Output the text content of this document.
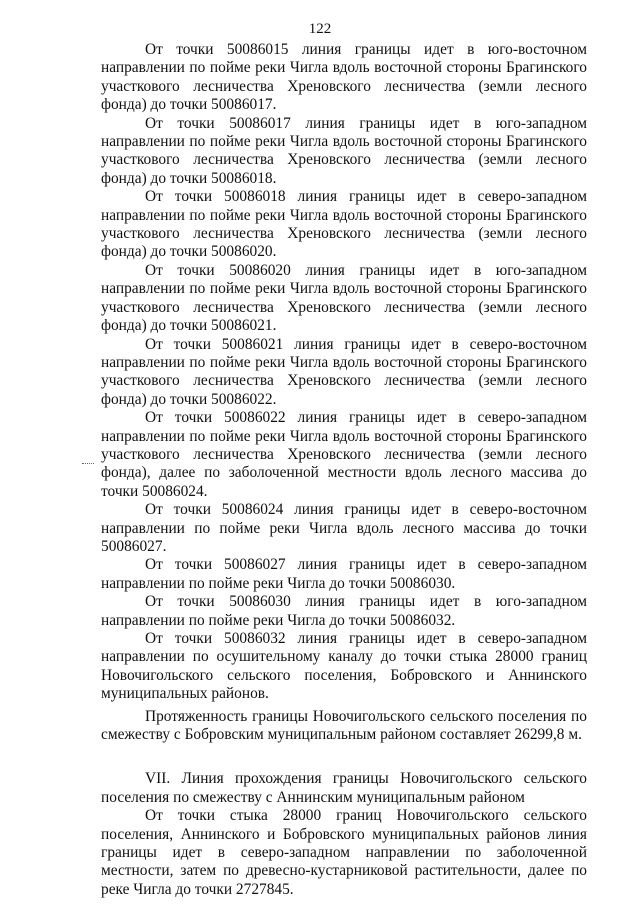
122

От точки 50086015 линия границы идет в юго-восточном направлении по пойме реки Чигла вдоль восточной стороны Брагинского участкового лесничества Хреновского лесничества (земли лесного фонда) до точки 50086017.

От точки 50086017 линия границы идет в юго-западном направлении по пойме реки Чигла вдоль восточной стороны Брагинского участкового лесничества Хреновского лесничества (земли лесного фонда) до точки 50086018.

От точки 50086018 линия границы идет в северо-западном направлении по пойме реки Чигла вдоль восточной стороны Брагинского участкового лесничества Хреновского лесничества (земли лесного фонда) до точки 50086020.

От точки 50086020 линия границы идет в юго-западном направлении по пойме реки Чигла вдоль восточной стороны Брагинского участкового лесничества Хреновского лесничества (земли лесного фонда) до точки 50086021.

От точки 50086021 линия границы идет в северо-восточном направлении по пойме реки Чигла вдоль восточной стороны Брагинского участкового лесничества Хреновского лесничества (земли лесного фонда) до точки 50086022.

От точки 50086022 линия границы идет в северо-западном направлении по пойме реки Чигла вдоль восточной стороны Брагинского участкового лесничества Хреновского лесничества (земли лесного фонда), далее по заболоченной местности вдоль лесного массива до точки 50086024.

От точки 50086024 линия границы идет в северо-восточном направлении по пойме реки Чигла вдоль лесного массива до точки 50086027.

От точки 50086027 линия границы идет в северо-западном направлении по пойме реки Чигла до точки 50086030.

От точки 50086030 линия границы идет в юго-западном направлении по пойме реки Чигла до точки 50086032.

От точки 50086032 линия границы идет в северо-западном направлении по осушительному каналу до точки стыка 28000 границ Новочигольского сельского поселения, Бобровского и Аннинского муниципальных районов.

Протяженность границы Новочигольского сельского поселения по смежеству с Бобровским муниципальным районом составляет 26299,8 м.

VII. Линия прохождения границы Новочигольского сельского поселения по смежеству с Аннинским муниципальным районом

От точки стыка 28000 границ Новочигольского сельского поселения, Аннинского и Бобровского муниципальных районов линия границы идет в северо-западном направлении по заболоченной местности, затем по древесно-кустарниковой растительности, далее по реке Чигла до точки 2727845.
